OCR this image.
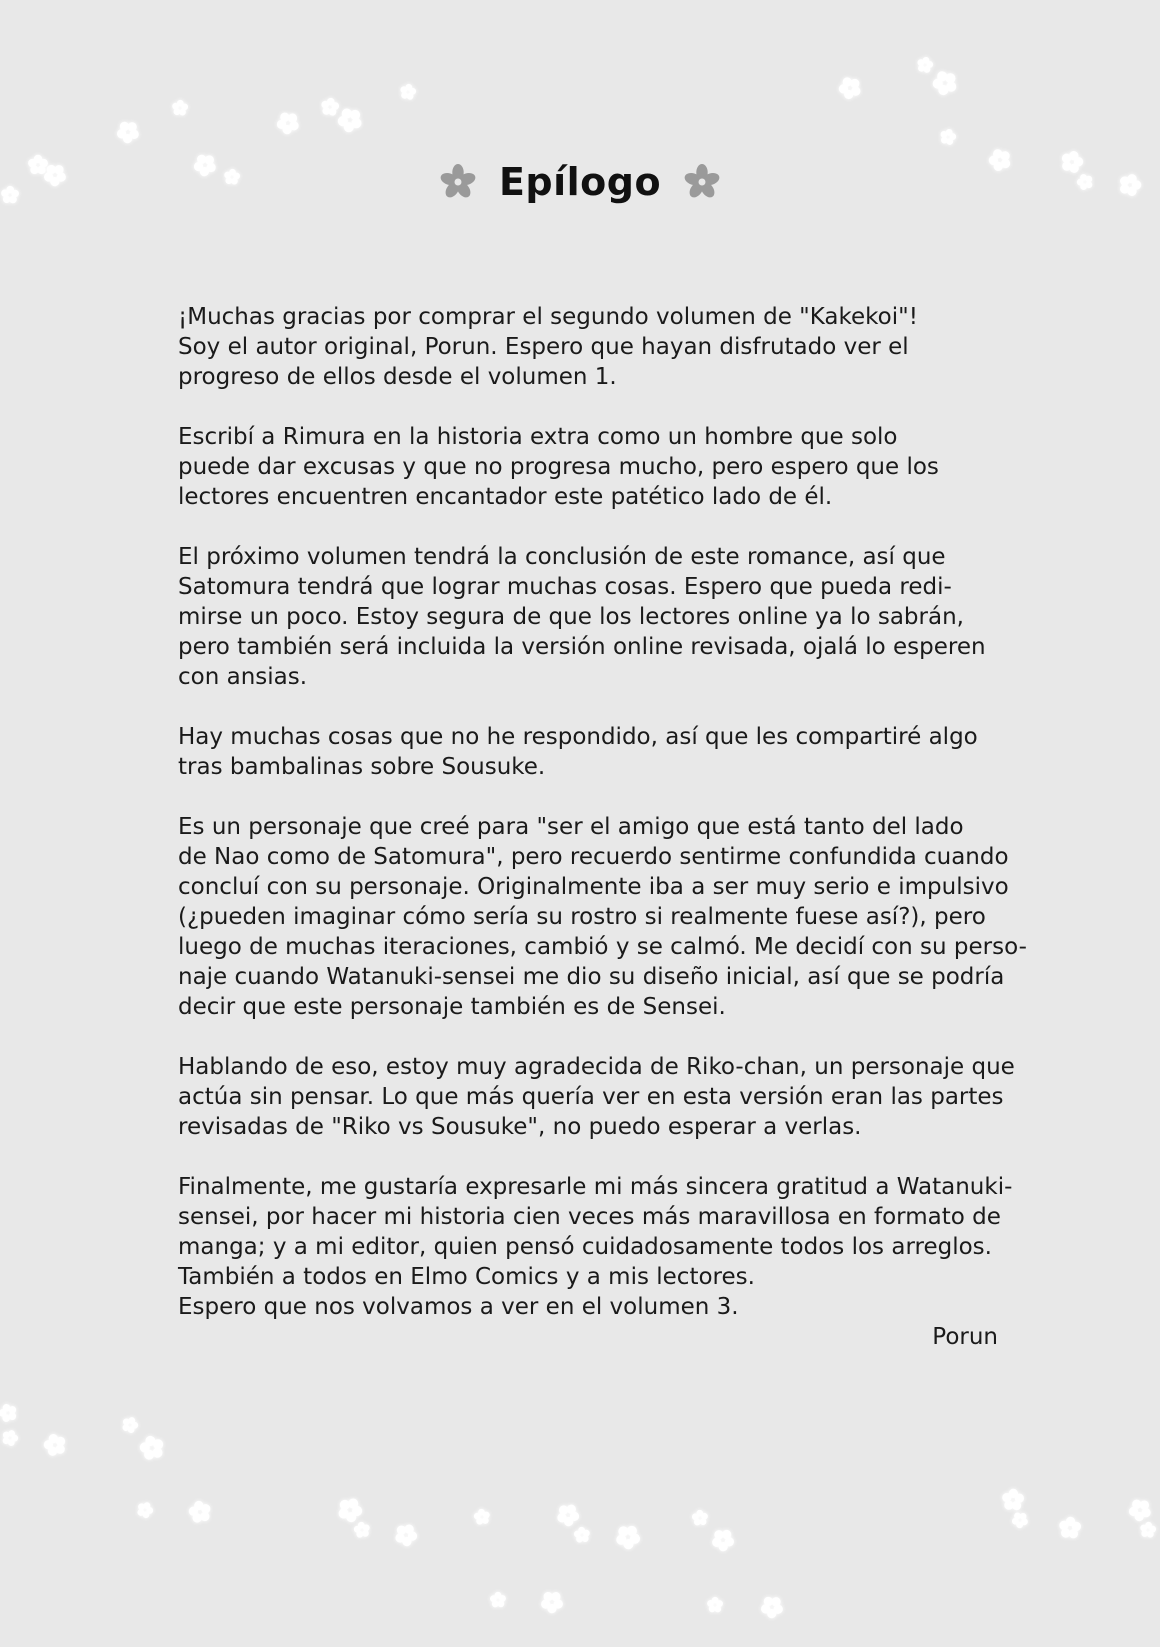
Epílogo

¡Muchas gracias por comprar el segundo volumen de "Kakekoi"!
Soy el autor original, Porun. Espero que hayan disfrutado ver el
progreso de ellos desde el volumen 1.

Escribí a Rimura en la historia extra como un hombre que solo
puede dar excusas y que no progresa mucho, pero espero que los
lectores encuentren encantador este patético lado de él.

El próximo volumen tendrá la conclusión de este romance, así que
Satomura tendrá que lograr muchas cosas. Espero que pueda redi-
mirse un poco. Estoy segura de que los lectores online ya lo sabrán,
pero también será incluida la versión online revisada, ojalá lo esperen
con ansias.

Hay muchas cosas que no he respondido, así que les compartiré algo
tras bambalinas sobre Sousuke.

Es un personaje que creé para "ser el amigo que está tanto del lado
de Nao como de Satomura", pero recuerdo sentirme confundida cuando
concluí con su personaje. Originalmente iba a ser muy serio e impulsivo
(¿pueden imaginar cómo sería su rostro si realmente fuese así?), pero
luego de muchas iteraciones, cambió y se calmó. Me decidí con su perso-
naje cuando Watanuki-sensei me dio su diseño inicial, así que se podría
decir que este personaje también es de Sensei.

Hablando de eso, estoy muy agradecida de Riko-chan, un personaje que
actúa sin pensar. Lo que más quería ver en esta versión eran las partes
revisadas de "Riko vs Sousuke", no puedo esperar a verlas.

Finalmente, me gustaría expresarle mi más sincera gratitud a Watanuki-
sensei, por hacer mi historia cien veces más maravillosa en formato de
manga; y a mi editor, quien pensó cuidadosamente todos los arreglos.
También a todos en Elmo Comics y a mis lectores.
Espero que nos volvamos a ver en el volumen 3.

Porun
